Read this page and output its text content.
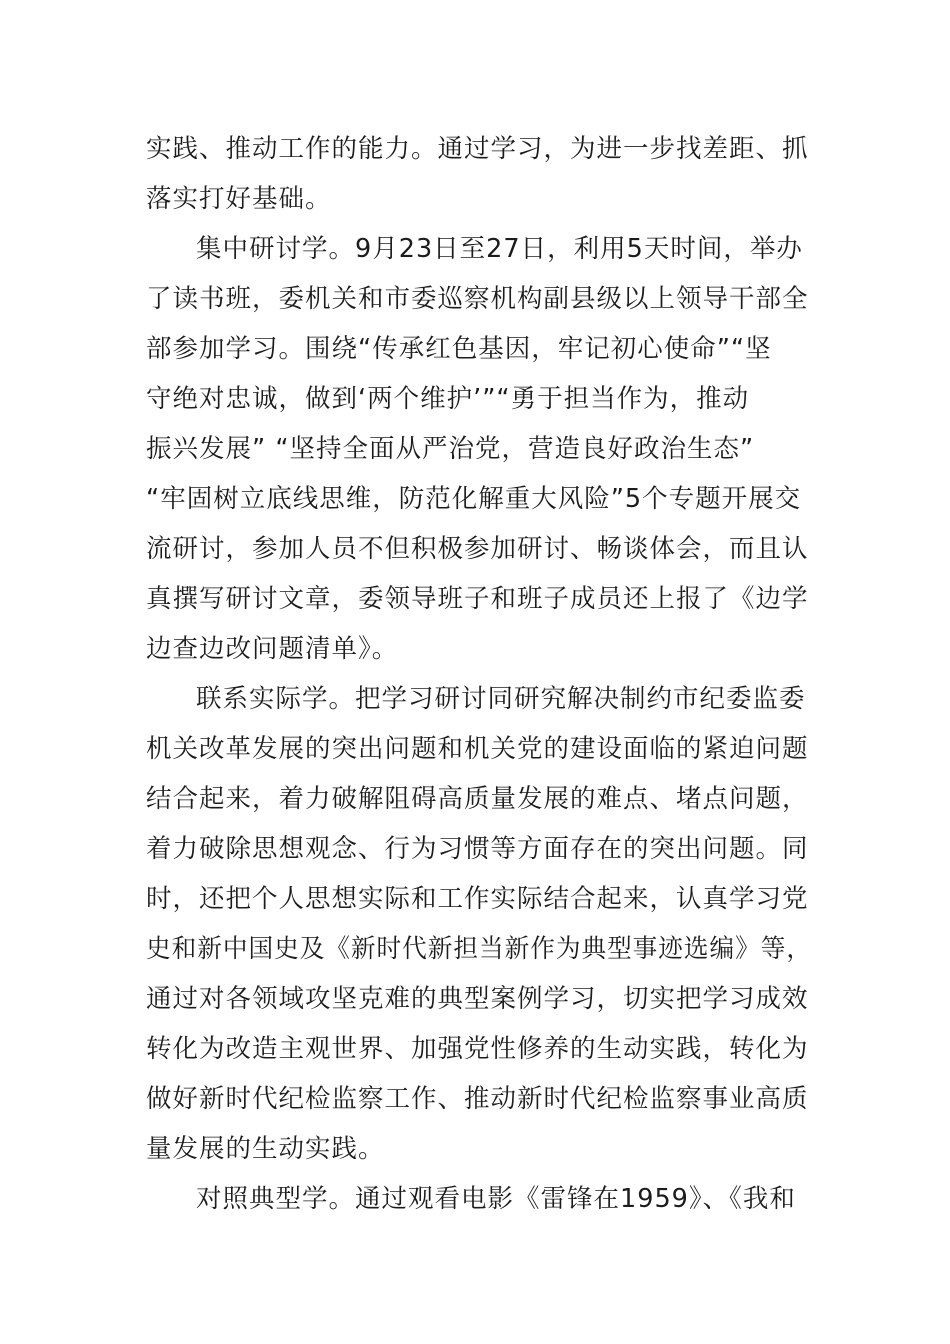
实践、推动工作的能力。通过学习，为进一步找差距、抓
落实打好基础。
集中研讨学。9月23日至27日，利用5天时间，举办
了读书班，委机关和市委巡察机构副县级以上领导干部全
部参加学习。围绕“传承红色基因，牢记初心使命”“坚
守绝对忠诚，做到‘两个维护’”“勇于担当作为，推动
振兴发展” “坚持全面从严治党，营造良好政治生态”
“牢固树立底线思维，防范化解重大风险”5个专题开展交
流研讨，参加人员不但积极参加研讨、畅谈体会，而且认
真撰写研讨文章，委领导班子和班子成员还上报了《边学
边查边改问题清单》。
联系实际学。把学习研讨同研究解决制约市纪委监委
机关改革发展的突出问题和机关党的建设面临的紧迫问题
结合起来，着力破解阻碍高质量发展的难点、堵点问题，
着力破除思想观念、行为习惯等方面存在的突出问题。同
时，还把个人思想实际和工作实际结合起来，认真学习党
史和新中国史及《新时代新担当新作为典型事迹选编》等，
通过对各领域攻坚克难的典型案例学习，切实把学习成效
转化为改造主观世界、加强党性修养的生动实践，转化为
做好新时代纪检监察工作、推动新时代纪检监察事业高质
量发展的生动实践。
对照典型学。通过观看电影《雷锋在1959》、《我和
